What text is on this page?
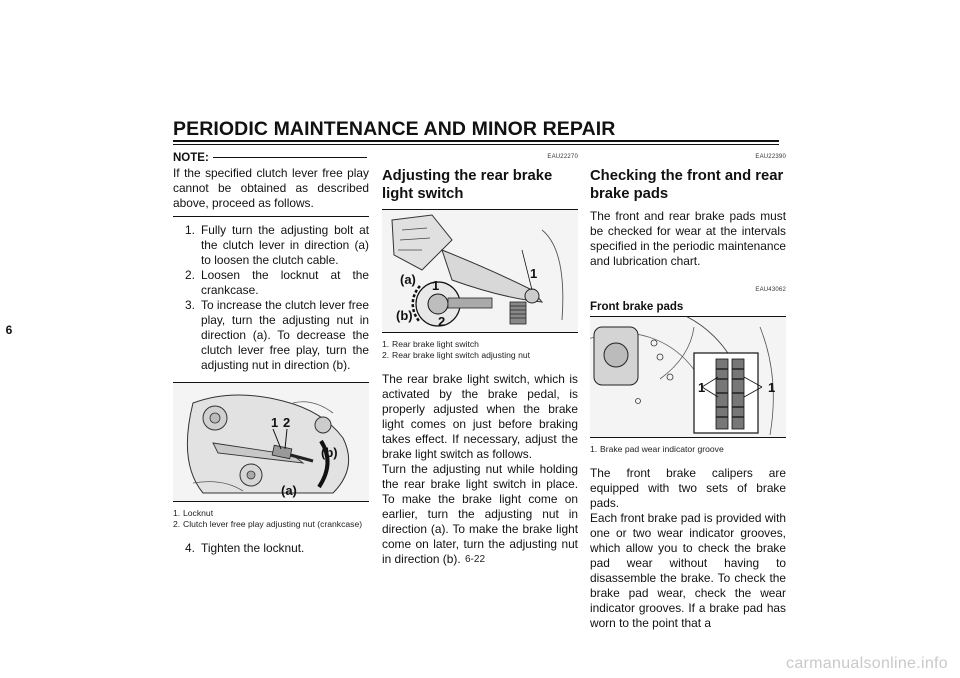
PERIODIC MAINTENANCE AND MINOR REPAIR
6
NOTE:

If the specified clutch lever free play cannot be obtained as described above, proceed as follows.

1. Fully turn the adjusting bolt at the clutch lever in direction (a) to loosen the clutch cable.
2. Loosen the locknut at the crankcase.
3. To increase the clutch lever free play, turn the adjusting nut in direction (a). To decrease the clutch lever free play, turn the adjusting nut in direction (b).
1 2
(b)
(a)
1. Locknut
2. Clutch lever free play adjusting nut (crankcase)
4. Tighten the locknut.
EAU22270
Adjusting the rear brake light switch
(a) 1
1
(b) 2
1. Rear brake light switch
2. Rear brake light switch adjusting nut

The rear brake light switch, which is activated by the brake pedal, is properly adjusted when the brake light comes on just before braking takes effect. If necessary, adjust the brake light switch as follows.

Turn the adjusting nut while holding the rear brake light switch in place. To make the brake light come on earlier, turn the adjusting nut in direction (a). To make the brake light come on later, turn the adjusting nut in direction (b).

EAU22390
Checking the front and rear brake pads

The front and rear brake pads must be checked for wear at the intervals specified in the periodic maintenance and lubrication chart.

EAU43062
Front brake pads
1	1
1. Brake pad wear indicator groove

The front brake calipers are equipped with two sets of brake pads.

Each front brake pad is provided with one or two wear indicator grooves, which allow you to check the brake pad wear without having to disassemble the brake. To check the brake pad wear, check the wear indicator grooves. If a brake pad has worn to the point that a

6-22
carmanualsonline.info
